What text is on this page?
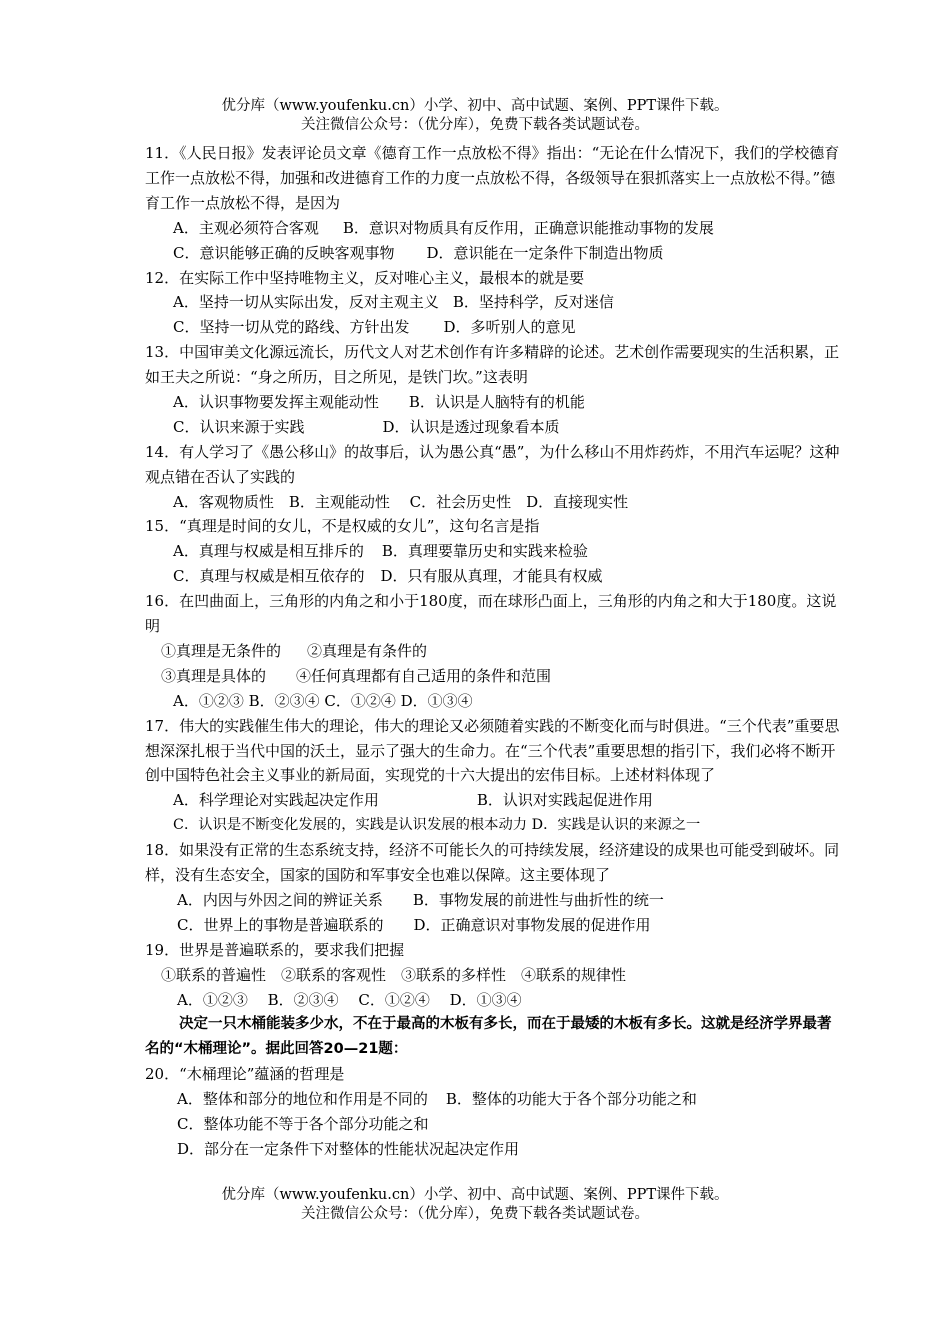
优分库（www.youfenku.cn）小学、初中、高中试题、案例、PPT课件下载。
关注微信公众号：（优分库），免费下载各类试题试卷。

11．《人民日报》发表评论员文章《德育工作一点放松不得》指出：“无论在什么情况下，我们的学校德育工作一点放松不得，加强和改进德育工作的力度一点放松不得，各级领导在狠抓落实上一点放松不得。”德育工作一点放松不得，是因为

A．主观必须符合客观 B．意识对物质具有反作用，正确意识能推动事物的发展
C．意识能够正确的反映客观事物 D．意识能在一定条件下制造出物质

12．在实际工作中坚持唯物主义，反对唯心主义，最根本的就是要

A．坚持一切从实际出发，反对主观主义 B．坚持科学，反对迷信
C．坚持一切从党的路线、方针出发 D．多听别人的意见

13．中国审美文化源远流长，历代文人对艺术创作有许多精辟的论述。艺术创作需要现实的生活积累，正如王夫之所说：“身之所历，目之所见，是铁门坎。”这表明

A．认识事物要发挥主观能动性 B．认识是人脑特有的机能
C．认识来源于实践	D．认识是透过现象看本质

14．有人学习了《愚公移山》的故事后，认为愚公真“愚”，为什么移山不用炸药炸，不用汽车运呢？这种观点错在否认了实践的

A．客观物质性　B．主观能动性　 C．社会历史性　D．直接现实性

15．“真理是时间的女儿，不是权威的女儿”，这句名言是指

A．真理与权威是相互排斥的 B．真理要靠历史和实践来检验
C．真理与权威是相互依存的 D．只有服从真理，才能具有权威

16．在凹曲面上，三角形的内角之和小于180度，而在球形凸面上，三角形的内角之和大于180度。这说明

①真理是无条件的 ②真理是有条件的
③真理是具体的 ④任何真理都有自己适用的条件和范围
A．①②③ B．②③④ C．①②④ D．①③④

17．伟大的实践催生伟大的理论，伟大的理论又必须随着实践的不断变化而与时俱进。“三个代表”重要思想深深扎根于当代中国的沃土，显示了强大的生命力。在“三个代表”重要思想的指引下，我们必将不断开创中国特色社会主义事业的新局面，实现党的十六大提出的宏伟目标。上述材料体现了

A．科学理论对实践起决定作用	B．认识对实践起促进作用
C．认识是不断变化发展的，实践是认识发展的根本动力 D．实践是认识的来源之一

18．如果没有正常的生态系统支持，经济不可能长久的可持续发展，经济建设的成果也可能受到破坏。同样，没有生态安全，国家的国防和军事安全也难以保障。这主要体现了

A．内因与外因之间的辨证关系 B．事物发展的前进性与曲折性的统一
C．世界上的事物是普遍联系的 D．正确意识对事物发展的促进作用

19．世界是普遍联系的，要求我们把握

①联系的普遍性　②联系的客观性　③联系的多样性　④联系的规律性
A．①②③　 B．②③④　 C．①②④　 D．①③④

决定一只木桶能装多少水，不在于最高的木板有多长，而在于最矮的木板有多长。这就是经济学界最著名的“木桶理论”。据此回答20—21题：

20．“木桶理论”蕴涵的哲理是

A．整体和部分的地位和作用是不同的 B．整体的功能大于各个部分功能之和
C．整体功能不等于各个部分功能之和
D．部分在一定条件下对整体的性能状况起决定作用
优分库（www.youfenku.cn）小学、初中、高中试题、案例、PPT课件下载。
关注微信公众号：（优分库），免费下载各类试题试卷。
